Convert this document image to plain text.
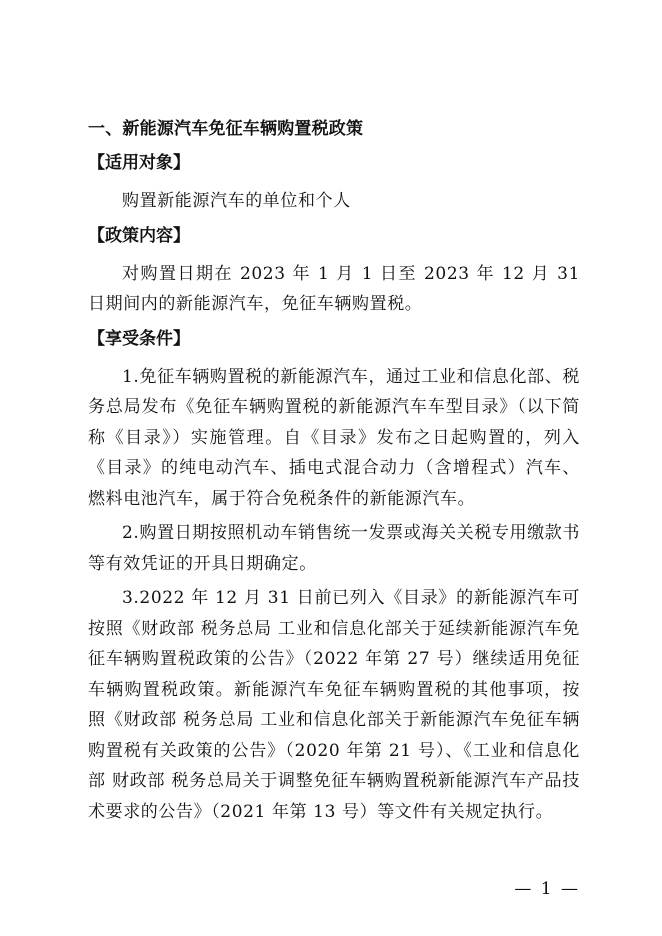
一、新能源汽车免征车辆购置税政策
【适用对象】

购置新能源汽车的单位和个人

【政策内容】

对购置日期在 2023 年 1 月 1 日至 2023 年 12 月 31 日期间内的新能源汽车，免征车辆购置税。

【享受条件】

1.免征车辆购置税的新能源汽车，通过工业和信息化部、税务总局发布《免征车辆购置税的新能源汽车车型目录》（以下简称《目录》）实施管理。自《目录》发布之日起购置的，列入《目录》的纯电动汽车、插电式混合动力（含增程式）汽车、燃料电池汽车，属于符合免税条件的新能源汽车。

2.购置日期按照机动车销售统一发票或海关关税专用缴款书等有效凭证的开具日期确定。

3.2022 年 12 月 31 日前已列入《目录》的新能源汽车可按照《财政部 税务总局 工业和信息化部关于延续新能源汽车免征车辆购置税政策的公告》（2022 年第 27 号）继续适用免征车辆购置税政策。新能源汽车免征车辆购置税的其他事项，按照《财政部 税务总局 工业和信息化部关于新能源汽车免征车辆购置税有关政策的公告》（2020 年第 21 号）、《工业和信息化部 财政部 税务总局关于调整免征车辆购置税新能源汽车产品技术要求的公告》（2021 年第 13 号）等文件有关规定执行。

— 1 —
